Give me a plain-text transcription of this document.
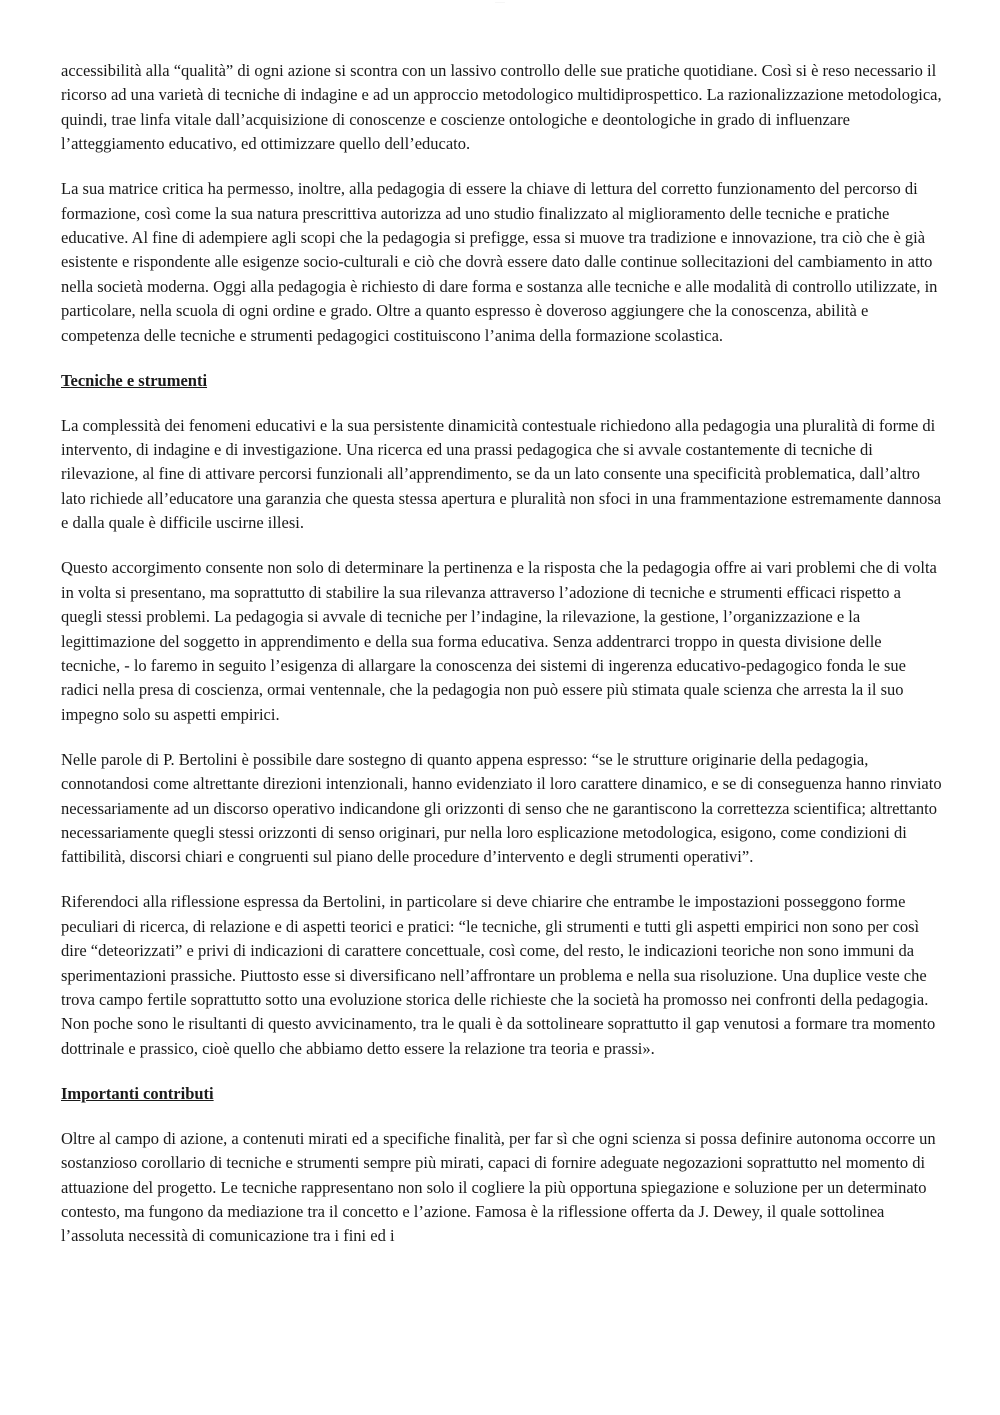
··········

accessibilità alla “qualità” di ogni azione si scontra con un lassivo controllo delle sue pratiche quotidiane. Così si è reso necessario il ricorso ad una varietà di tecniche di indagine e ad un approccio metodologico multidiprospettico. La razionalizzazione metodologica, quindi, trae linfa vitale dall’acquisizione di conoscenze e coscienze ontologiche e deontologiche in grado di influenzare l’atteggiamento educativo, ed ottimizzare quello dell’educato.

La sua matrice critica ha permesso, inoltre, alla pedagogia di essere la chiave di lettura del corretto funzionamento del percorso di formazione, così come la sua natura prescrittiva autorizza ad uno studio finalizzato al miglioramento delle tecniche e pratiche educative. Al fine di adempiere agli scopi che la pedagogia si prefigge, essa si muove tra tradizione e innovazione, tra ciò che è già esistente e rispondente alle esigenze socio-culturali e ciò che dovrà essere dato dalle continue sollecitazioni del cambiamento in atto nella società moderna. Oggi alla pedagogia è richiesto di dare forma e sostanza alle tecniche e alle modalità di controllo utilizzate, in particolare, nella scuola di ogni ordine e grado. Oltre a quanto espresso è doveroso aggiungere che la conoscenza, abilità e competenza delle tecniche e strumenti pedagogici costituiscono l’anima della formazione scolastica.

Tecniche e strumenti

La complessità dei fenomeni educativi e la sua persistente dinamicità contestuale richiedono alla pedagogia una pluralità di forme di intervento, di indagine e di investigazione. Una ricerca ed una prassi pedagogica che si avvale costantemente di tecniche di rilevazione, al fine di attivare percorsi funzionali all’apprendimento, se da un lato consente una specificità problematica, dall’altro lato richiede all’educatore una garanzia che questa stessa apertura e pluralità non sfoci in una frammentazione estremamente dannosa e dalla quale è difficile uscirne illesi.

Questo accorgimento consente non solo di determinare la pertinenza e la risposta che la pedagogia offre ai vari problemi che di volta in volta si presentano, ma soprattutto di stabilire la sua rilevanza attraverso l’adozione di tecniche e strumenti efficaci rispetto a quegli stessi problemi. La pedagogia si avvale di tecniche per l’indagine, la rilevazione, la gestione, l’organizzazione e la legittimazione del soggetto in apprendimento e della sua forma educativa. Senza addentrarci troppo in questa divisione delle tecniche, - lo faremo in seguito l’esigenza di allargare la conoscenza dei sistemi di ingerenza educativo-pedagogico fonda le sue radici nella presa di coscienza, ormai ventennale, che la pedagogia non può essere più stimata quale scienza che arresta la il suo impegno solo su aspetti empirici.

Nelle parole di P. Bertolini è possibile dare sostegno di quanto appena espresso: “se le strutture originarie della pedagogia, connotandosi come altrettante direzioni intenzionali, hanno evidenziato il loro carattere dinamico, e se di conseguenza hanno rinviato necessariamente ad un discorso operativo indicandone gli orizzonti di senso che ne garantiscono la correttezza scientifica; altrettanto necessariamente quegli stessi orizzonti di senso originari, pur nella loro esplicazione metodologica, esigono, come condizioni di fattibilità, discorsi chiari e congruenti sul piano delle procedure d’intervento e degli strumenti operativi”.

Riferendoci alla riflessione espressa da Bertolini, in particolare si deve chiarire che entrambe le impostazioni posseggono forme peculiari di ricerca, di relazione e di aspetti teorici e pratici: “le tecniche, gli strumenti e tutti gli aspetti empirici non sono per così dire “deteorizzati” e privi di indicazioni di carattere concettuale, così come, del resto, le indicazioni teoriche non sono immuni da sperimentazioni prassiche. Piuttosto esse si diversificano nell’affrontare un problema e nella sua risoluzione. Una duplice veste che trova campo fertile soprattutto sotto una evoluzione storica delle richieste che la società ha promosso nei confronti della pedagogia. Non poche sono le risultanti di questo avvicinamento, tra le quali è da sottolineare soprattutto il gap venutosi a formare tra momento dottrinale e prassico, cioè quello che abbiamo detto essere la relazione tra teoria e prassi».

Importanti contributi

Oltre al campo di azione, a contenuti mirati ed a specifiche finalità, per far sì che ogni scienza si possa definire autonoma occorre un sostanzioso corollario di tecniche e strumenti sempre più mirati, capaci di fornire adeguate negozazioni soprattutto nel momento di attuazione del progetto. Le tecniche rappresentano non solo il cogliere la più opportuna spiegazione e soluzione per un determinato contesto, ma fungono da mediazione tra il concetto e l’azione. Famosa è la riflessione offerta da J. Dewey, il quale sottolinea l’assoluta necessità di comunicazione tra i fini ed i
